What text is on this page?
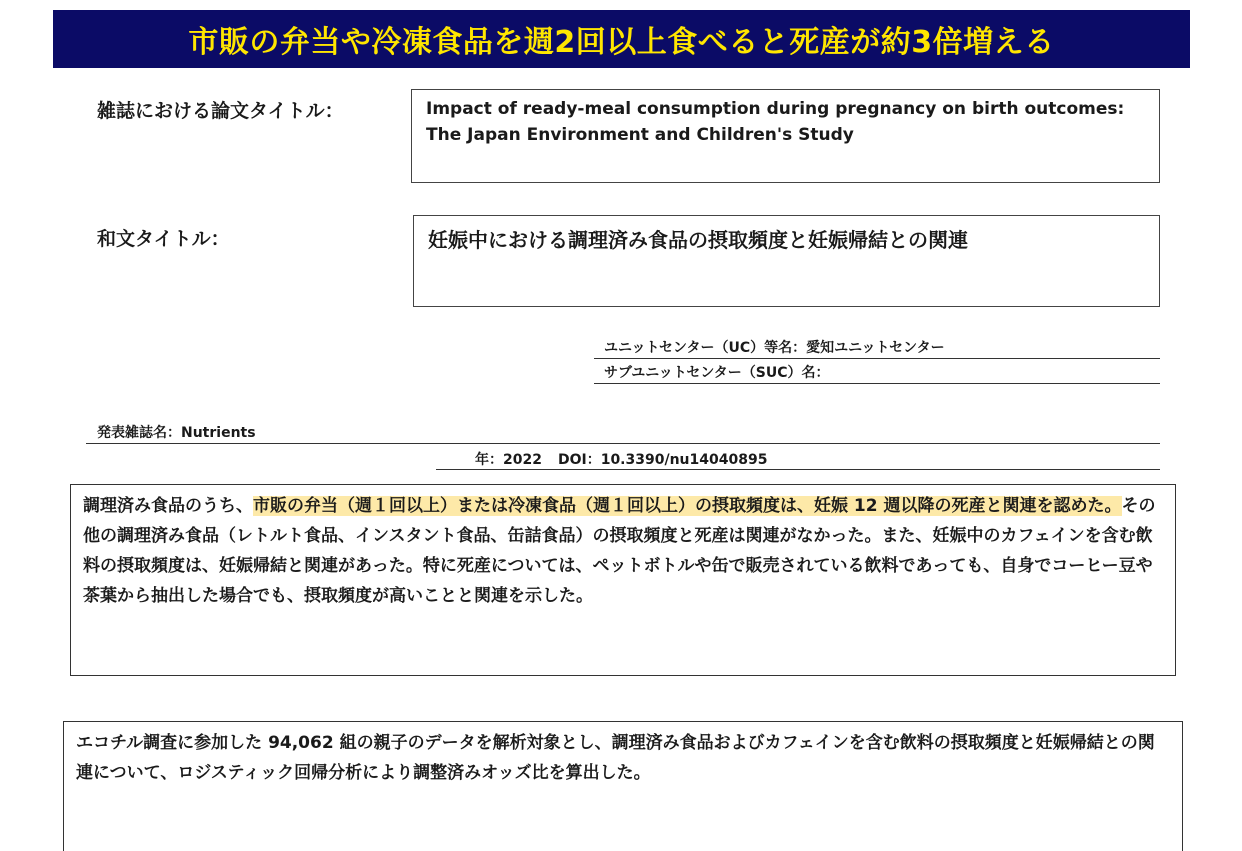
市販の弁当や冷凍食品を週2回以上食べると死産が約3倍増える
雑誌における論文タイトル：	Impact of ready-meal consumption during pregnancy on birth outcomes: The Japan Environment and Children's Study
和文タイトル：	妊娠中における調理済み食品の摂取頻度と妊娠帰結との関連
ユニットセンター（UC）等名：愛知ユニットセンター
サブユニットセンター（SUC）名：
発表雑誌名：Nutrients
年：2022 DOI：10.3390/nu14040895
調理済み食品のうち、市販の弁当（週１回以上）または冷凍食品（週１回以上）の摂取頻度は、妊娠 12 週以降の死産と関連を認めた。その他の調理済み食品（レトルト食品、インスタント食品、缶詰食品）の摂取頻度と死産は関連がなかった。また、妊娠中のカフェインを含む飲料の摂取頻度は、妊娠帰結と関連があった。特に死産については、ペットボトルや缶で販売されている飲料であっても、自身でコーヒー豆や茶葉から抽出した場合でも、摂取頻度が高いことと関連を示した。
エコチル調査に参加した 94,062 組の親子のデータを解析対象とし、調理済み食品およびカフェインを含む飲料の摂取頻度と妊娠帰結との関連について、ロジスティック回帰分析により調整済みオッズ比を算出した。
